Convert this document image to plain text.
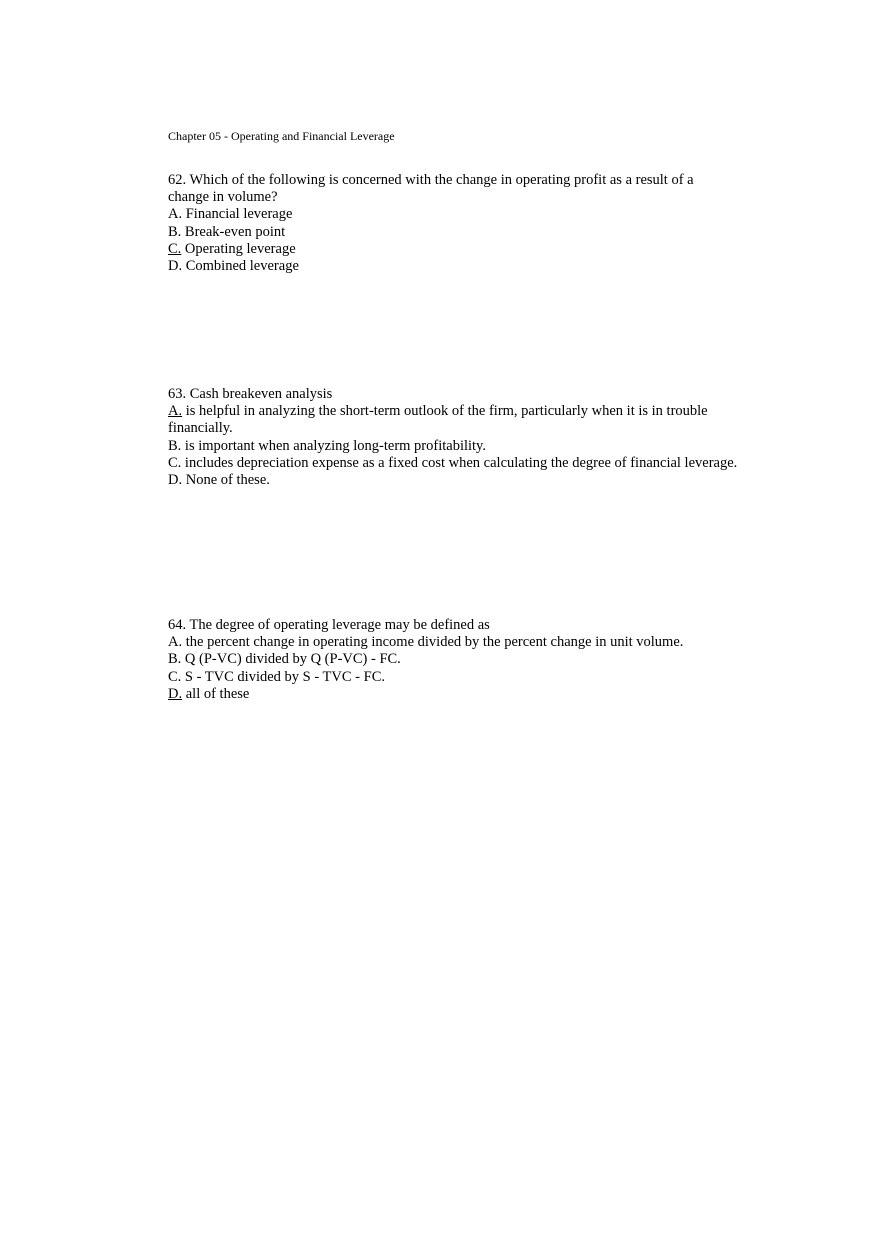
Chapter 05 - Operating and Financial Leverage

62. Which of the following is concerned with the change in operating profit as a result of a change in volume?

A. Financial leverage

B. Break-even point

C. Operating leverage

D. Combined leverage

63. Cash breakeven analysis

A. is helpful in analyzing the short-term outlook of the firm, particularly when it is in trouble financially.

B. is important when analyzing long-term profitability.

C. includes depreciation expense as a fixed cost when calculating the degree of financial leverage.

D. None of these.

64. The degree of operating leverage may be defined as

A. the percent change in operating income divided by the percent change in unit volume.

B. Q (P-VC) divided by Q (P-VC) - FC.

C. S - TVC divided by S - TVC - FC.

D. all of these
